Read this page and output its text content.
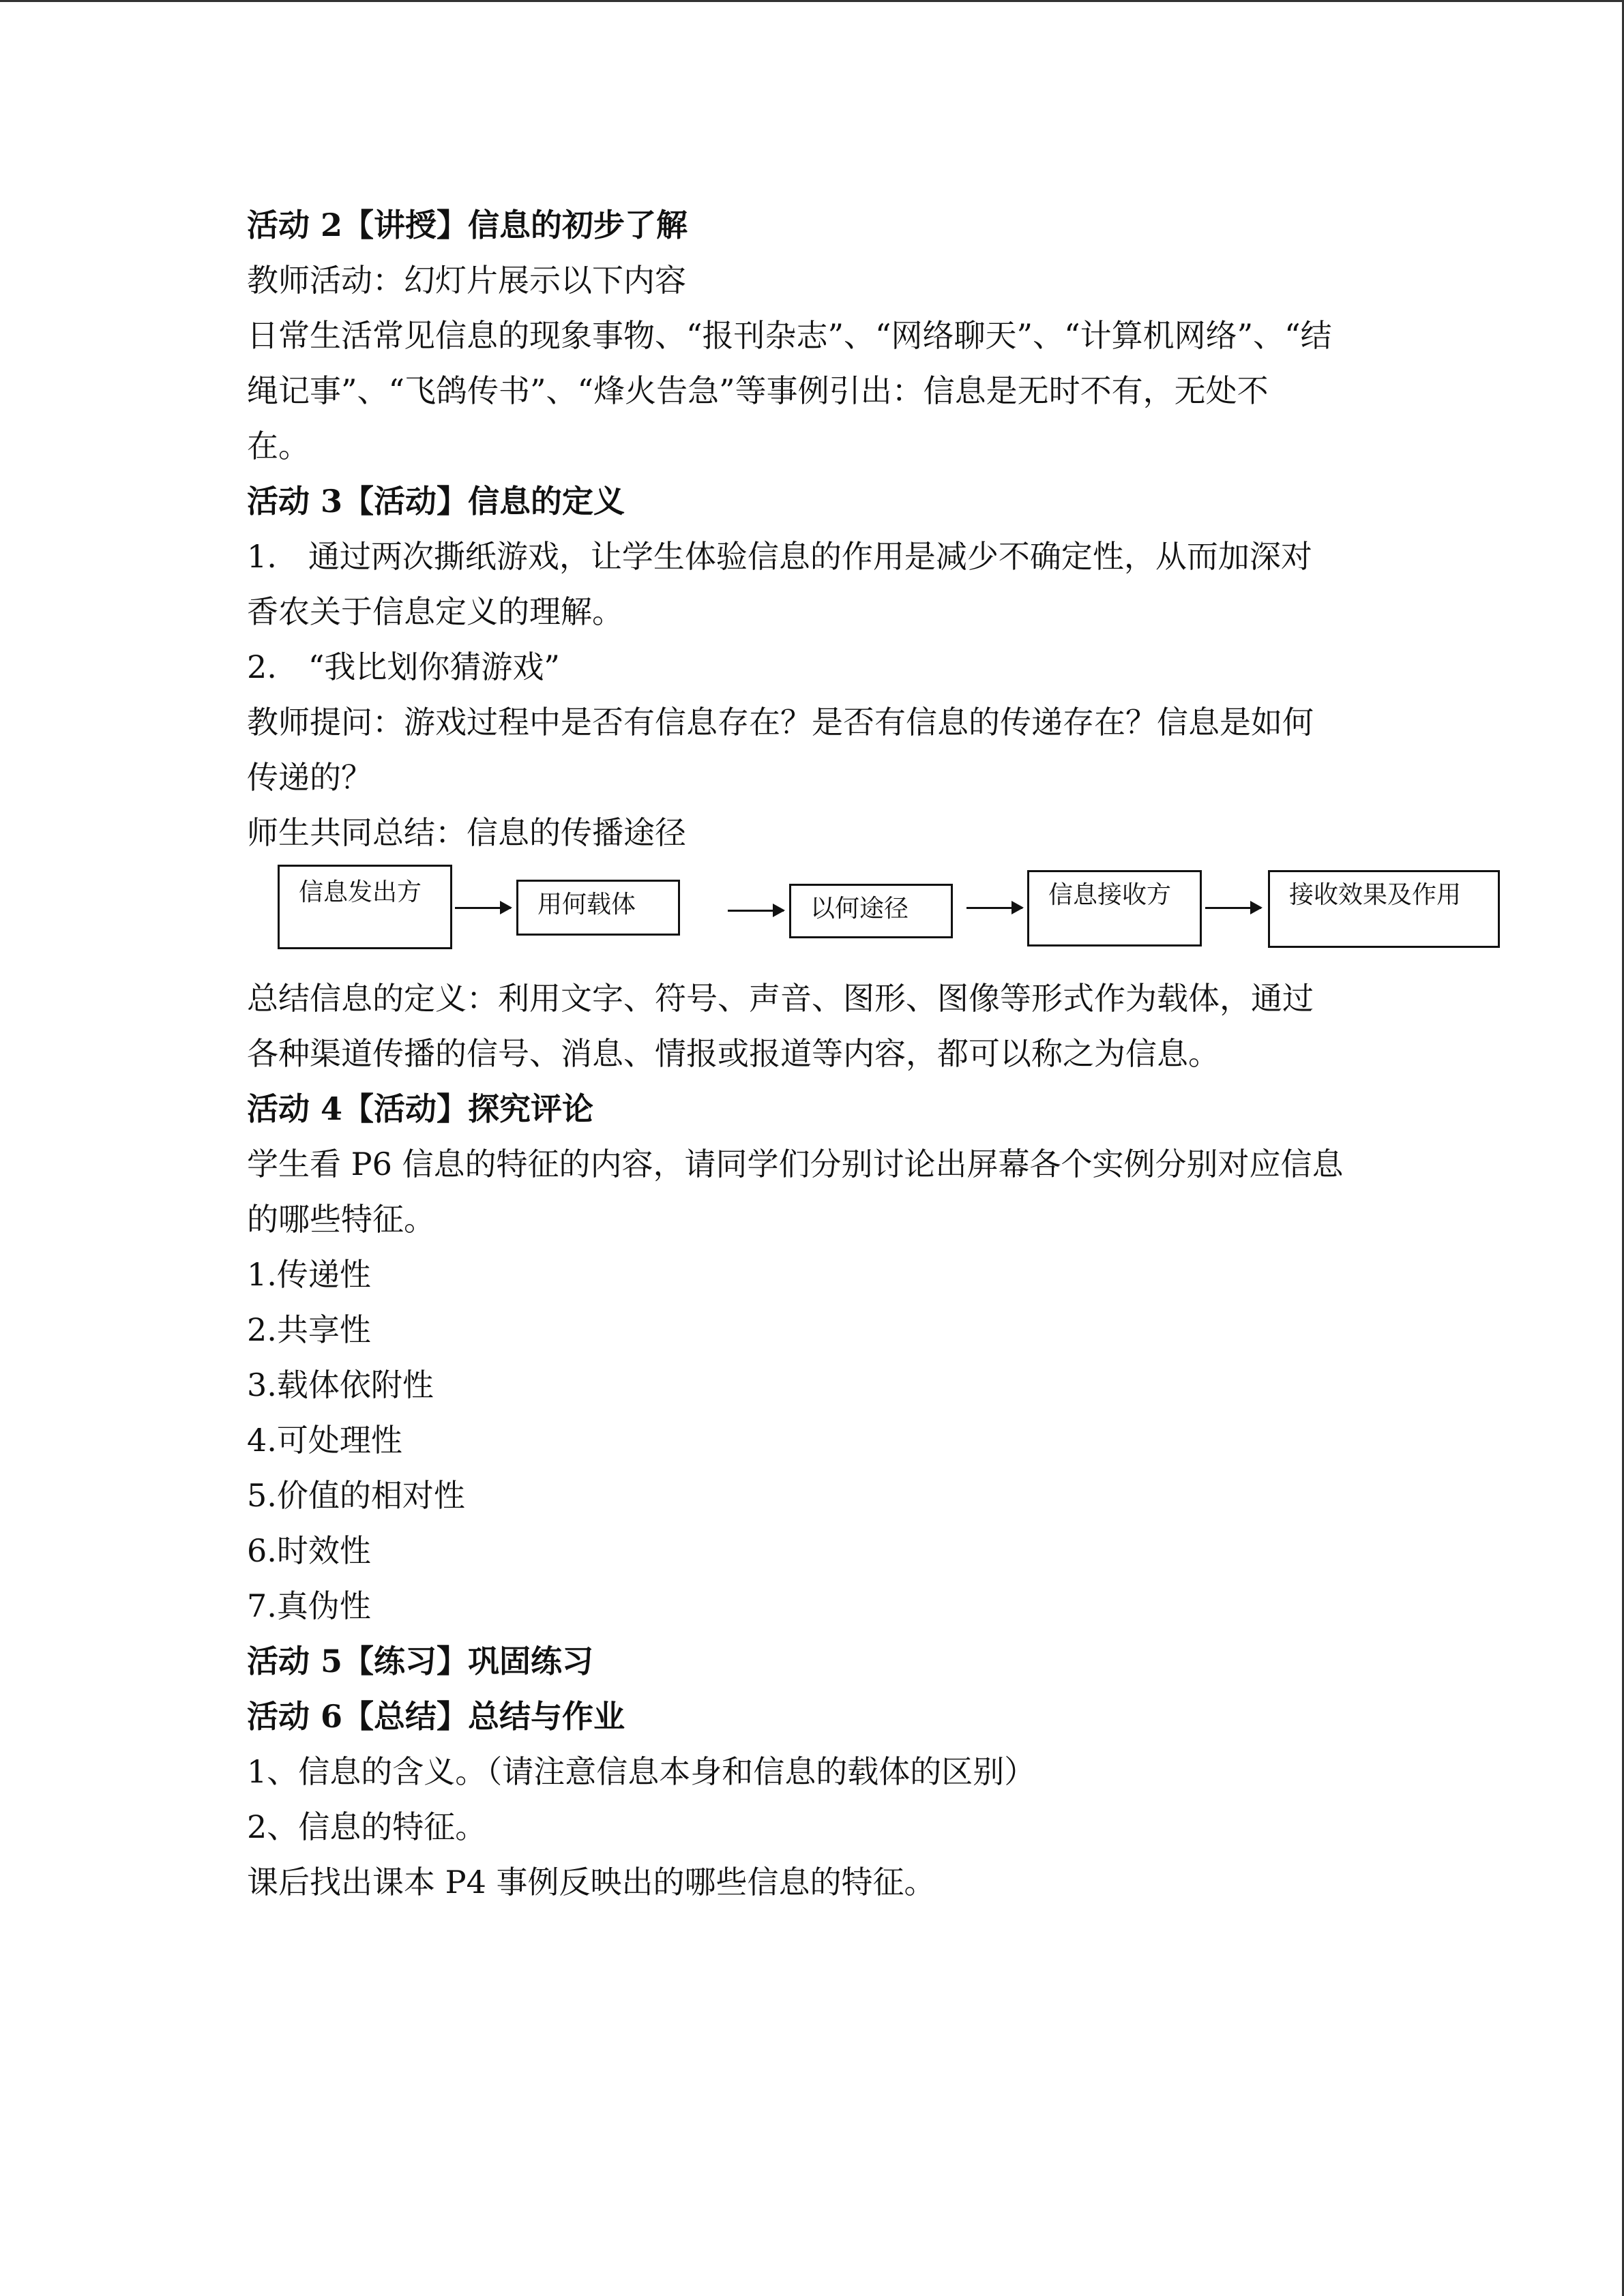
活动 2【讲授】信息的初步了解
教师活动：幻灯片展示以下内容
日常生活常见信息的现象事物、“报刊杂志”、“网络聊天”、“计算机网络”、“结
绳记事”、“飞鸽传书”、“烽火告急”等事例引出：信息是无时不有，无处不
在。
活动 3【活动】信息的定义
1.　通过两次撕纸游戏，让学生体验信息的作用是减少不确定性，从而加深对
香农关于信息定义的理解。
2.　“我比划你猜游戏”
教师提问：游戏过程中是否有信息存在？是否有信息的传递存在？信息是如何
传递的？
师生共同总结：信息的传播途径
总结信息的定义：利用文字、符号、声音、图形、图像等形式作为载体，通过
各种渠道传播的信号、消息、情报或报道等内容，都可以称之为信息。
活动 4【活动】探究评论
学生看 P6 信息的特征的内容，请同学们分别讨论出屏幕各个实例分别对应信息
的哪些特征。
1.传递性
2.共享性
3.载体依附性
4.可处理性
5.价值的相对性
6.时效性
7.真伪性
活动 5【练习】巩固练习
活动 6【总结】总结与作业
1、信息的含义。（请注意信息本身和信息的载体的区别）
2、信息的特征。
课后找出课本 P4 事例反映出的哪些信息的特征。
信息发出方	用何载体	以何途径	信息接收方	接收效果及作用
